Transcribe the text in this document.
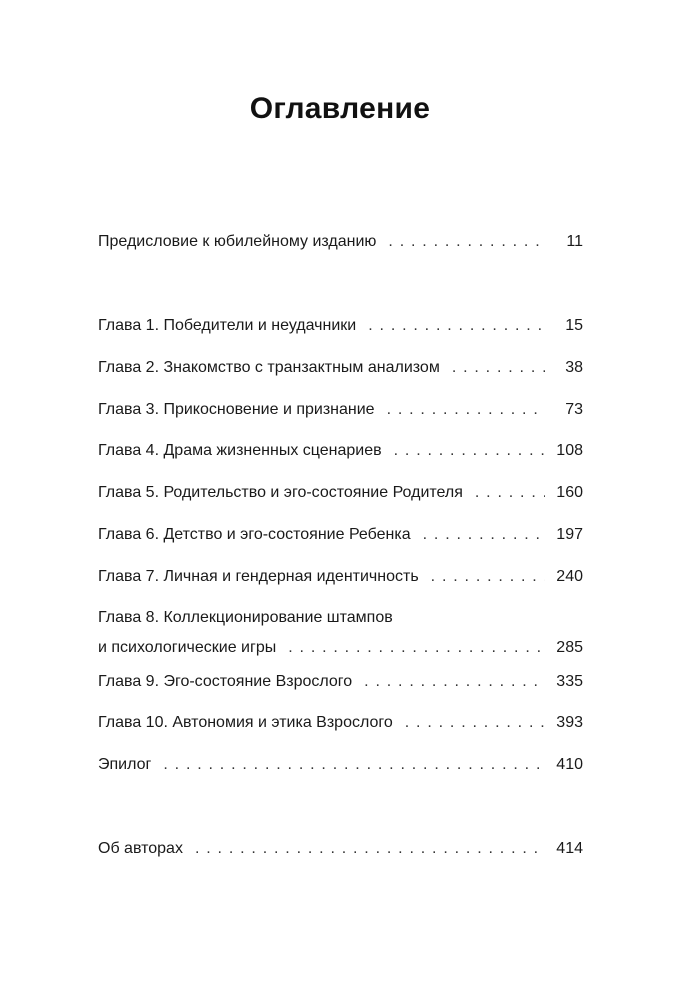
Оглавление
Предисловие к юбилейному изданию . . .	11
Глава 1. Победители и неудачники . . .	15
Глава 2. Знакомство с транзактным анализом . . .	38
Глава 3. Прикосновение и признание . . .	73
Глава 4. Драма жизненных сценариев . . .	108
Глава 5. Родительство и эго-состояние Родителя . . .	160
Глава 6. Детство и эго-состояние Ребенка . . .	197
Глава 7. Личная и гендерная идентичность . . .	240
Глава 8. Коллекционирование штампов
и психологические игры . . .	285
Глава 9. Эго-состояние Взрослого . . .	335
Глава 10. Автономия и этика Взрослого . . .	393
Эпилог . . .	410
Об авторах . . .	414
